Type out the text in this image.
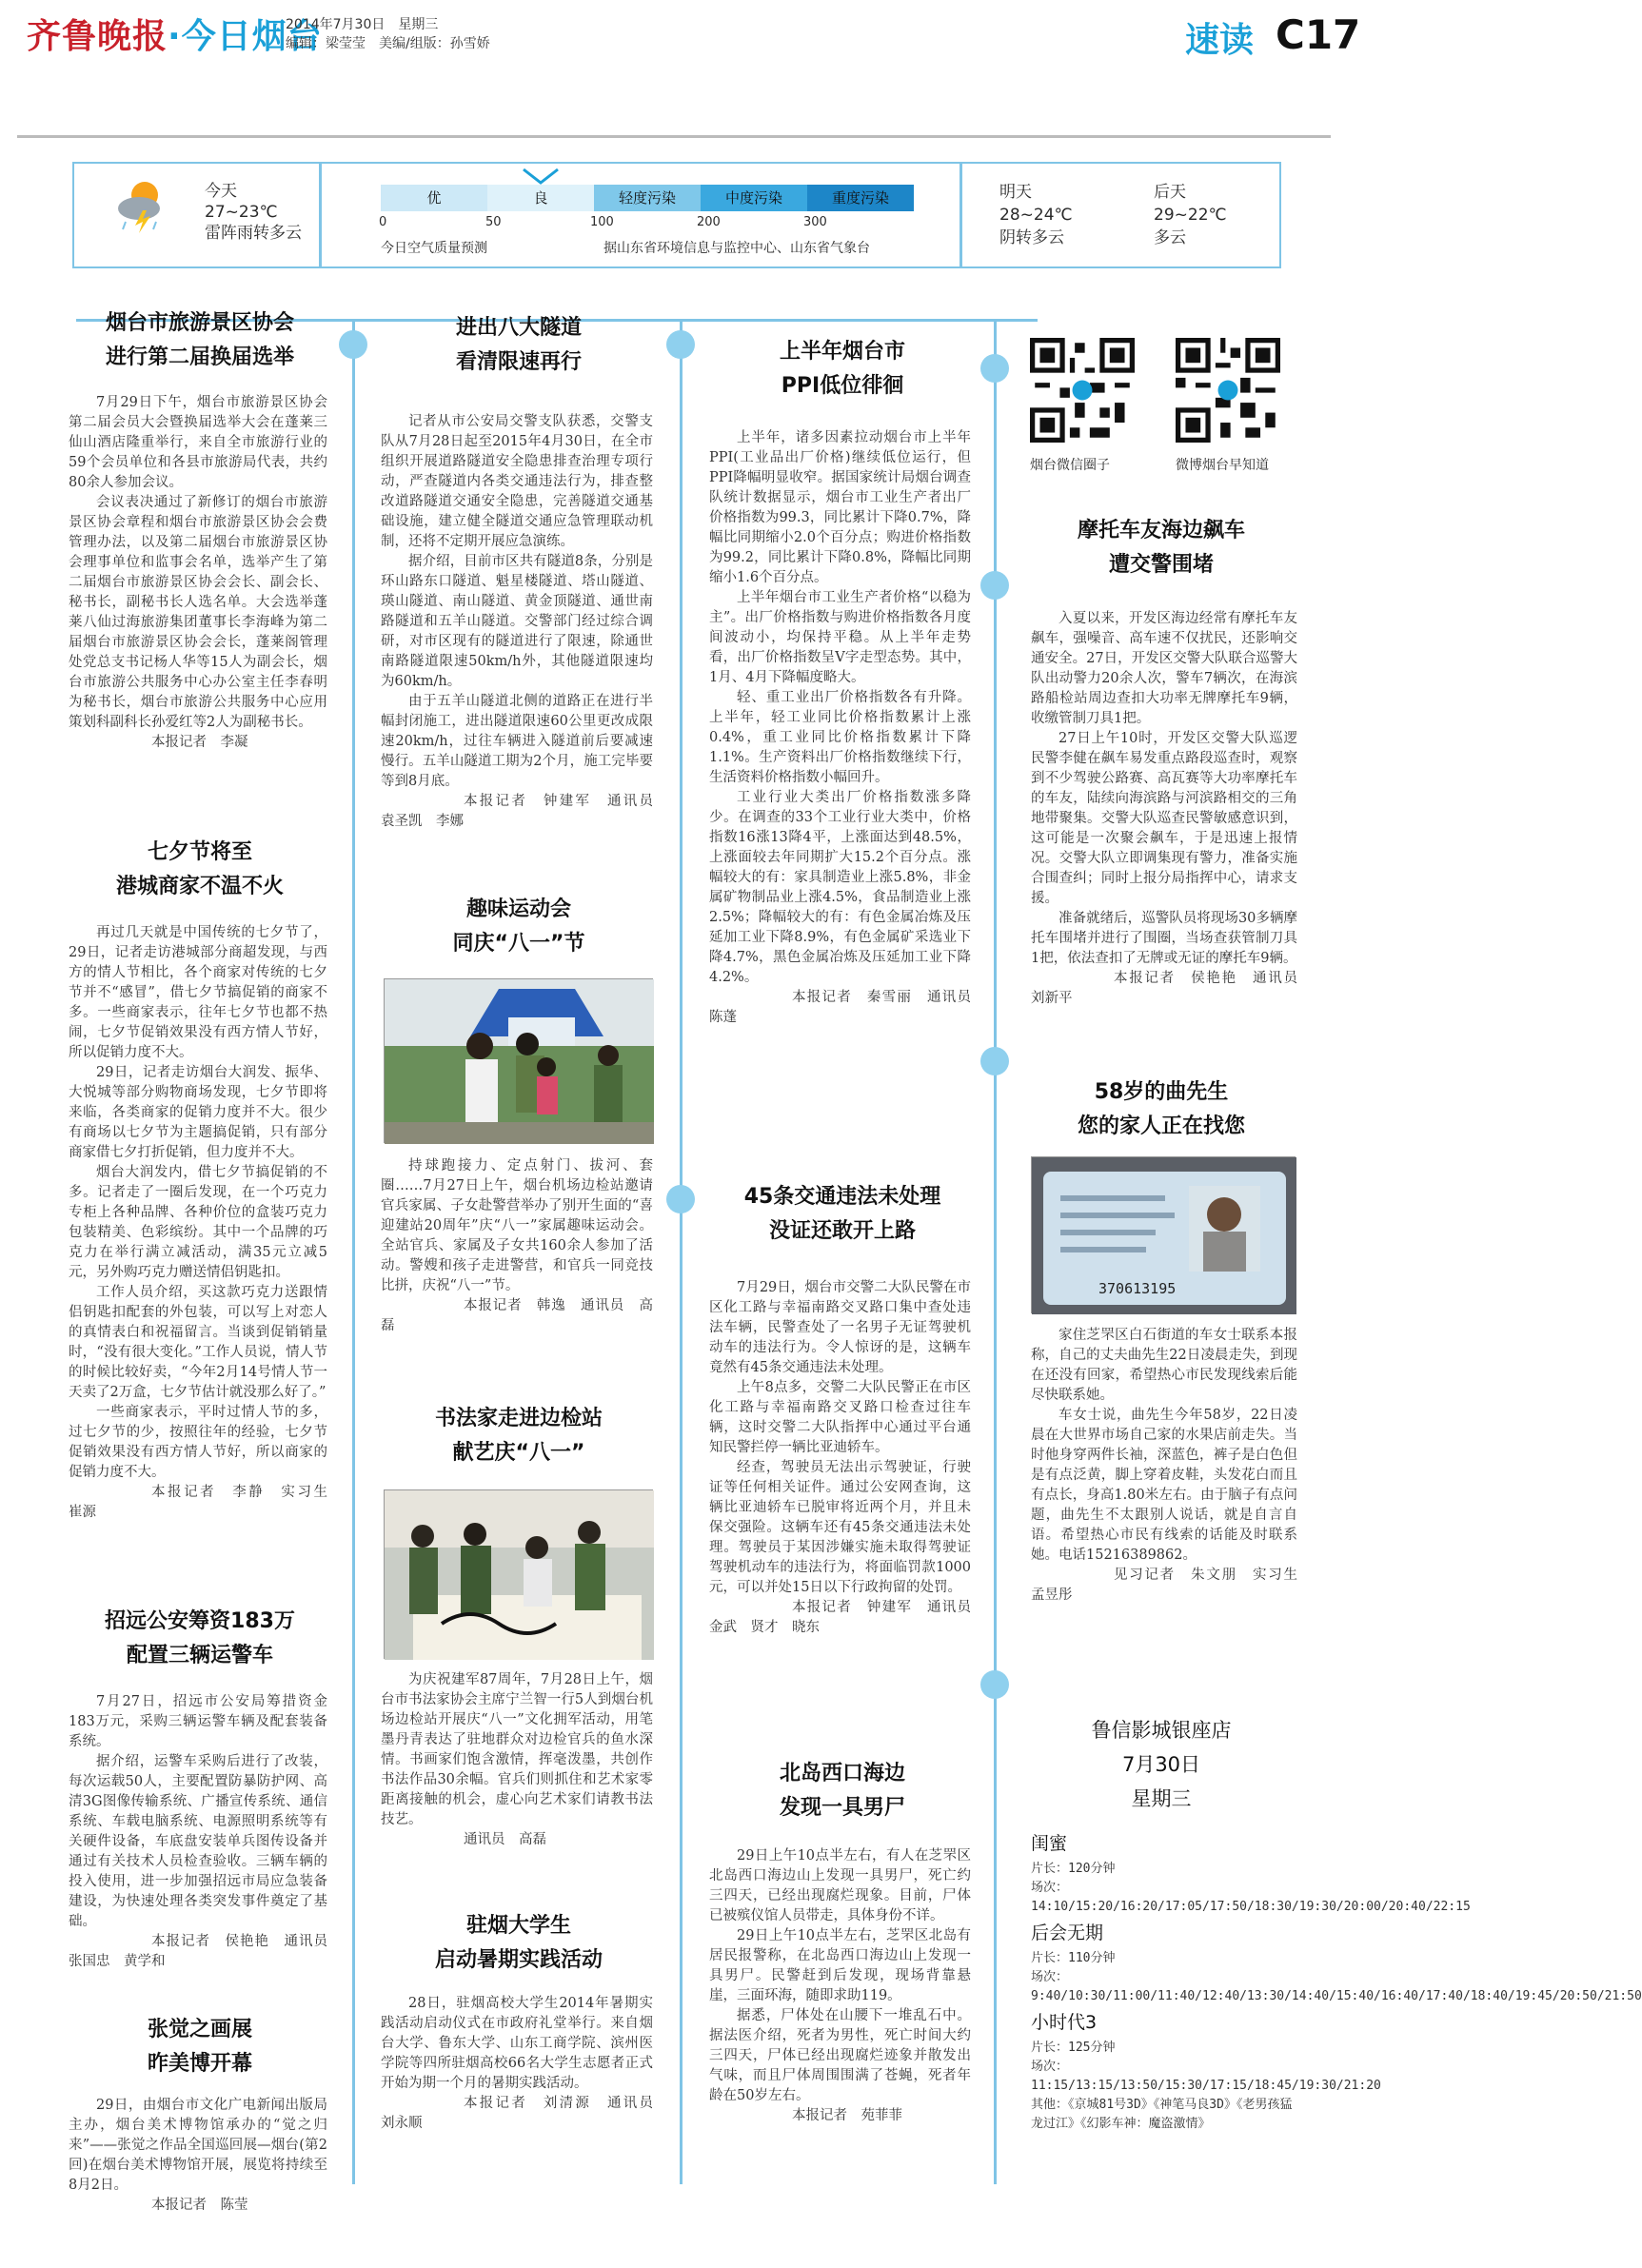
齐鲁晚报·今日烟台
2014年7月30日　星期三
编辑：梁莹莹　美编/组版：孙雪娇	速读 C17
今天
27~23℃
雷阵雨转多云
优	良	轻度污染	中度污染	重度污染
0	50	100	200	300
今日空气质量预测	据山东省环境信息与监控中心、山东省气象台
明天
28~24℃
阴转多云
后天
29~22℃
多云
烟台市旅游景区协会
进行第二届换届选举

7月29日下午，烟台市旅游景区协会第二届会员大会暨换届选举大会在蓬莱三仙山酒店隆重举行，来自全市旅游行业的59个会员单位和各县市旅游局代表，共约80余人参加会议。

会议表决通过了新修订的烟台市旅游景区协会章程和烟台市旅游景区协会会费管理办法，以及第二届烟台市旅游景区协会理事单位和监事会名单，选举产生了第二届烟台市旅游景区协会会长、副会长、秘书长，副秘书长人选名单。大会选举蓬莱八仙过海旅游集团董事长李海峰为第二届烟台市旅游景区协会会长，蓬莱阁管理处党总支书记杨人华等15人为副会长，烟台市旅游公共服务中心办公室主任李春明为秘书长，烟台市旅游公共服务中心应用策划科副科长孙爱红等2人为副秘书长。

本报记者　李凝
七夕节将至
港城商家不温不火

再过几天就是中国传统的七夕节了，29日，记者走访港城部分商超发现，与西方的情人节相比，各个商家对传统的七夕节并不“感冒”，借七夕节搞促销的商家不多。一些商家表示，往年七夕节也都不热闹，七夕节促销效果没有西方情人节好，所以促销力度不大。

29日，记者走访烟台大润发、振华、大悦城等部分购物商场发现，七夕节即将来临，各类商家的促销力度并不大。很少有商场以七夕节为主题搞促销，只有部分商家借七夕打折促销，但力度并不大。

烟台大润发内，借七夕节搞促销的不多。记者走了一圈后发现，在一个巧克力专柜上各种品牌、各种价位的盒装巧克力包装精美、色彩缤纷。其中一个品牌的巧克力在举行满立减活动，满35元立减5元，另外购巧克力赠送情侣钥匙扣。

工作人员介绍，买这款巧克力送跟情侣钥匙扣配套的外包装，可以写上对恋人的真情表白和祝福留言。当谈到促销销量时，“没有很大变化。”工作人员说，情人节的时候比较好卖，“今年2月14号情人节一天卖了2万盒，七夕节估计就没那么好了。”

一些商家表示，平时过情人节的多，过七夕节的少，按照往年的经验，七夕节促销效果没有西方情人节好，所以商家的促销力度不大。

本报记者　李静　实习生　崔源
招远公安筹资183万
配置三辆运警车

7月27日，招远市公安局筹措资金183万元，采购三辆运警车辆及配套装备系统。

据介绍，运警车采购后进行了改装，每次运载50人，主要配置防暴防护网、高清3G图像传输系统、广播宣传系统、通信系统、车载电脑系统、电源照明系统等有关硬件设备，车底盘安装单兵图传设备并通过有关技术人员检查验收。三辆车辆的投入使用，进一步加强招远市局应急装备建设，为快速处理各类突发事件奠定了基础。

本报记者　侯艳艳　通讯员　张国忠　黄学和
张觉之画展
昨美博开幕

29日，由烟台市文化广电新闻出版局主办，烟台美术博物馆承办的“觉之归来”——张觉之作品全国巡回展—烟台(第2回)在烟台美术博物馆开展，展览将持续至8月2日。

本报记者　陈莹
进出八大隧道
看清限速再行

记者从市公安局交警支队获悉，交警支队从7月28日起至2015年4月30日，在全市组织开展道路隧道安全隐患排查治理专项行动，严查隧道内各类交通违法行为，排查整改道路隧道交通安全隐患，完善隧道交通基础设施，建立健全隧道交通应急管理联动机制，还将不定期开展应急演练。

据介绍，目前市区共有隧道8条，分别是环山路东口隧道、魁星楼隧道、塔山隧道、瑛山隧道、南山隧道、黄金顶隧道、通世南路隧道和五羊山隧道。交警部门经过综合调研，对市区现有的隧道进行了限速，除通世南路隧道限速50km/h外，其他隧道限速均为60km/h。

由于五羊山隧道北侧的道路正在进行半幅封闭施工，进出隧道限速60公里更改成限速20km/h，过往车辆进入隧道前后要减速慢行。五羊山隧道工期为2个月，施工完毕要等到8月底。

本报记者　钟建军　通讯员　袁圣凯　李娜
趣味运动会
同庆“八一”节

持球跑接力、定点射门、拔河、套圈……7月27日上午，烟台机场边检站邀请官兵家属、子女赴警营举办了别开生面的“喜迎建站20周年”庆“八一”家属趣味运动会。全站官兵、家属及子女共160余人参加了活动。警嫂和孩子走进警营，和官兵一同竞技比拼，庆祝“八一”节。

本报记者　韩逸　通讯员　高磊
书法家走进边检站
献艺庆“八一”

为庆祝建军87周年，7月28日上午，烟台市书法家协会主席宁兰智一行5人到烟台机场边检站开展庆“八一”文化拥军活动，用笔墨丹青表达了驻地群众对边检官兵的鱼水深情。书画家们饱含激情，挥毫泼墨，共创作书法作品30余幅。官兵们则抓住和艺术家零距离接触的机会，虚心向艺术家们请教书法技艺。

通讯员　高磊
驻烟大学生
启动暑期实践活动

28日，驻烟高校大学生2014年暑期实践活动启动仪式在市政府礼堂举行。来自烟台大学、鲁东大学、山东工商学院、滨州医学院等四所驻烟高校66名大学生志愿者正式开始为期一个月的暑期实践活动。

本报记者　刘清源　通讯员　刘永顺
上半年烟台市
PPI低位徘徊

上半年，诸多因素拉动烟台市上半年PPI(工业品出厂价格)继续低位运行，但PPI降幅明显收窄。据国家统计局烟台调查队统计数据显示，烟台市工业生产者出厂价格指数为99.3，同比累计下降0.7%，降幅比同期缩小2.0个百分点；购进价格指数为99.2，同比累计下降0.8%，降幅比同期缩小1.6个百分点。

上半年烟台市工业生产者价格“以稳为主”。出厂价格指数与购进价格指数各月度间波动小，均保持平稳。从上半年走势看，出厂价格指数呈V字走型态势。其中，1月、4月下降幅度略大。

轻、重工业出厂价格指数各有升降。上半年，轻工业同比价格指数累计上涨0.4%，重工业同比价格指数累计下降1.1%。生产资料出厂价格指数继续下行，生活资料价格指数小幅回升。

工业行业大类出厂价格指数涨多降少。在调查的33个工业行业大类中，价格指数16涨13降4平，上涨面达到48.5%，上涨面较去年同期扩大15.2个百分点。涨幅较大的有：家具制造业上涨5.8%，非金属矿物制品业上涨4.5%，食品制造业上涨2.5%；降幅较大的有：有色金属冶炼及压延加工业下降8.9%，有色金属矿采选业下降4.7%，黑色金属冶炼及压延加工业下降4.2%。

本报记者　秦雪丽　通讯员　陈蓬
45条交通违法未处理
没证还敢开上路

7月29日，烟台市交警二大队民警在市区化工路与幸福南路交叉路口集中查处违法车辆，民警查处了一名男子无证驾驶机动车的违法行为。令人惊讶的是，这辆车竟然有45条交通违法未处理。

上午8点多，交警二大队民警正在市区化工路与幸福南路交叉路口检查过往车辆，这时交警二大队指挥中心通过平台通知民警拦停一辆比亚迪轿车。

经查，驾驶员无法出示驾驶证，行驶证等任何相关证件。通过公安网查询，这辆比亚迪轿车已脱审将近两个月，并且未保交强险。这辆车还有45条交通违法未处理。驾驶员于某因涉嫌实施未取得驾驶证驾驶机动车的违法行为，将面临罚款1000元，可以并处15日以下行政拘留的处罚。

本报记者　钟建军　通讯员　金武　贤才　晓东
北岛西口海边
发现一具男尸

29日上午10点半左右，有人在芝罘区北岛西口海边山上发现一具男尸，死亡约三四天，已经出现腐烂现象。目前，尸体已被殡仪馆人员带走，具体身份不详。

29日上午10点半左右，芝罘区北岛有居民报警称，在北岛西口海边山上发现一具男尸。民警赶到后发现，现场背靠悬崖，三面环海，随即求助119。

据悉，尸体处在山腰下一堆乱石中。据法医介绍，死者为男性，死亡时间大约三四天，尸体已经出现腐烂迹象并散发出气味，而且尸体周围围满了苍蝇，死者年龄在50岁左右。

本报记者　苑菲菲
烟台微信圈子	微博烟台早知道
摩托车友海边飙车
遭交警围堵

入夏以来，开发区海边经常有摩托车友飙车，强噪音、高车速不仅扰民，还影响交通安全。27日，开发区交警大队联合巡警大队出动警力20余人次，警车7辆次，在海滨路船检站周边查扣大功率无牌摩托车9辆，收缴管制刀具1把。

27日上午10时，开发区交警大队巡逻民警李健在飙车易发重点路段巡查时，观察到不少驾驶公路赛、高瓦赛等大功率摩托车的车友，陆续向海滨路与河滨路相交的三角地带聚集。交警大队巡查民警敏感意识到，这可能是一次聚会飙车，于是迅速上报情况。交警大队立即调集现有警力，准备实施合围查纠；同时上报分局指挥中心，请求支援。

准备就绪后，巡警队员将现场30多辆摩托车围堵并进行了围圈，当场查获管制刀具1把，依法查扣了无牌或无证的摩托车9辆。

本报记者　侯艳艳　通讯员　刘新平
58岁的曲先生
您的家人正在找您
370613195

家住芝罘区白石街道的车女士联系本报称，自己的丈夫曲先生22日凌晨走失，到现在还没有回家，希望热心市民发现线索后能尽快联系她。

车女士说，曲先生今年58岁，22日凌晨在大世界市场自己家的水果店前走失。当时他身穿两件长袖，深蓝色，裤子是白色但是有点泛黄，脚上穿着皮鞋，头发花白而且有点长，身高1.80米左右。由于脑子有点问题，曲先生不太跟别人说话，就是自言自语。希望热心市民有线索的话能及时联系她。电话15216389862。

见习记者　朱文朋　实习生　孟昱彤
鲁信影城银座店
7月30日
星期三
闺蜜
片长：120分钟
场次：14:10/15:20/16:20/17:05/17:50/18:30/19:30/20:00/20:40/22:15
后会无期
片长：110分钟
场次：9:40/10:30/11:00/11:40/12:40/13:30/14:40/15:40/16:40/17:40/18:40/19:45/20:50/21:50
小时代3
片长：125分钟
场次：11:15/13:15/13:50/15:30/17:15/18:45/19:30/21:20
其他：《京城81号3D》《神笔马良3D》《老男孩猛龙过江》《幻影车神：魔盗激情》
